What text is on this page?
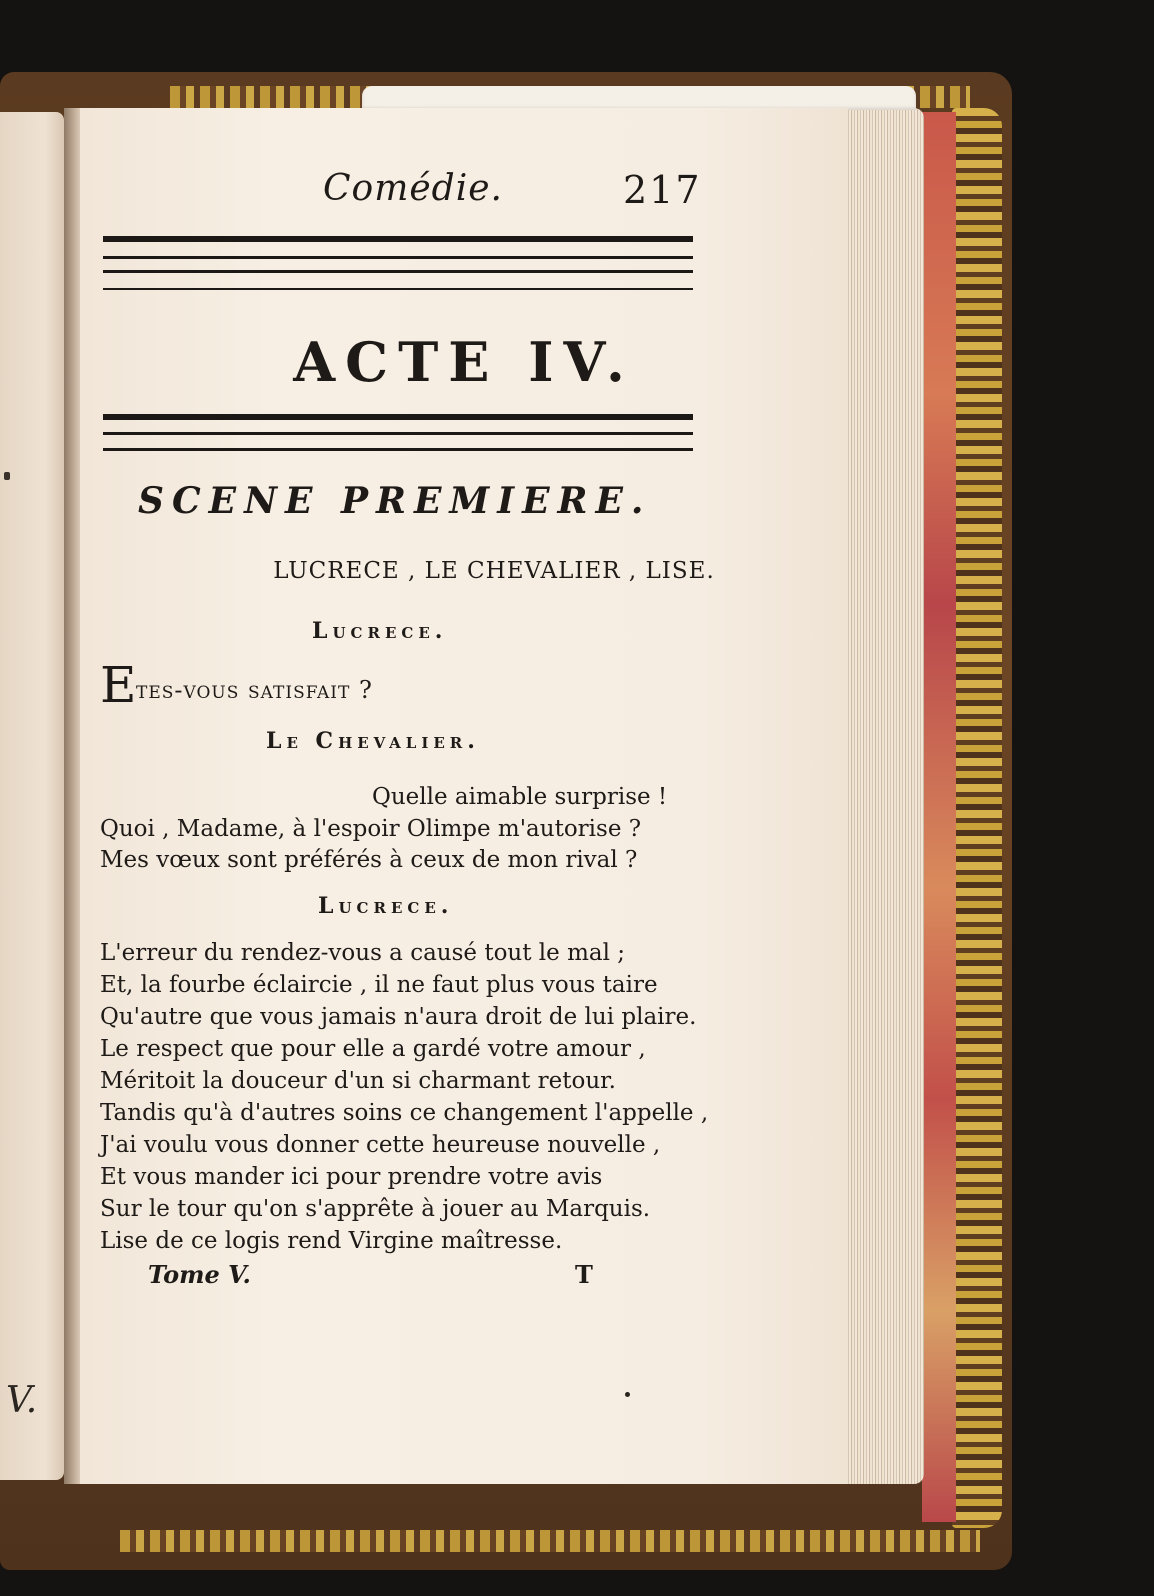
V.
Comédie.	217
ACTE IV.
SCENE PREMIERE.
LUCRECE , LE CHEVALIER , LISE.
Lucrece.
E tes-vous satisfait ?
Le Chevalier.
Quelle aimable surprise !
Quoi , Madame, à l'espoir Olimpe m'autorise ?
Mes vœux sont préférés à ceux de mon rival ?
Lucrece.
L'erreur du rendez-vous a causé tout le mal ;
Et, la fourbe éclaircie , il ne faut plus vous taire
Qu'autre que vous jamais n'aura droit de lui plaire.
Le respect que pour elle a gardé votre amour ,
Méritoit la douceur d'un si charmant retour.
Tandis qu'à d'autres soins ce changement l'appelle ,
J'ai voulu vous donner cette heureuse nouvelle ,
Et vous mander ici pour prendre votre avis
Sur le tour qu'on s'apprête à jouer au Marquis.
Lise de ce logis rend Virgine maîtresse.
Tome V.	T
